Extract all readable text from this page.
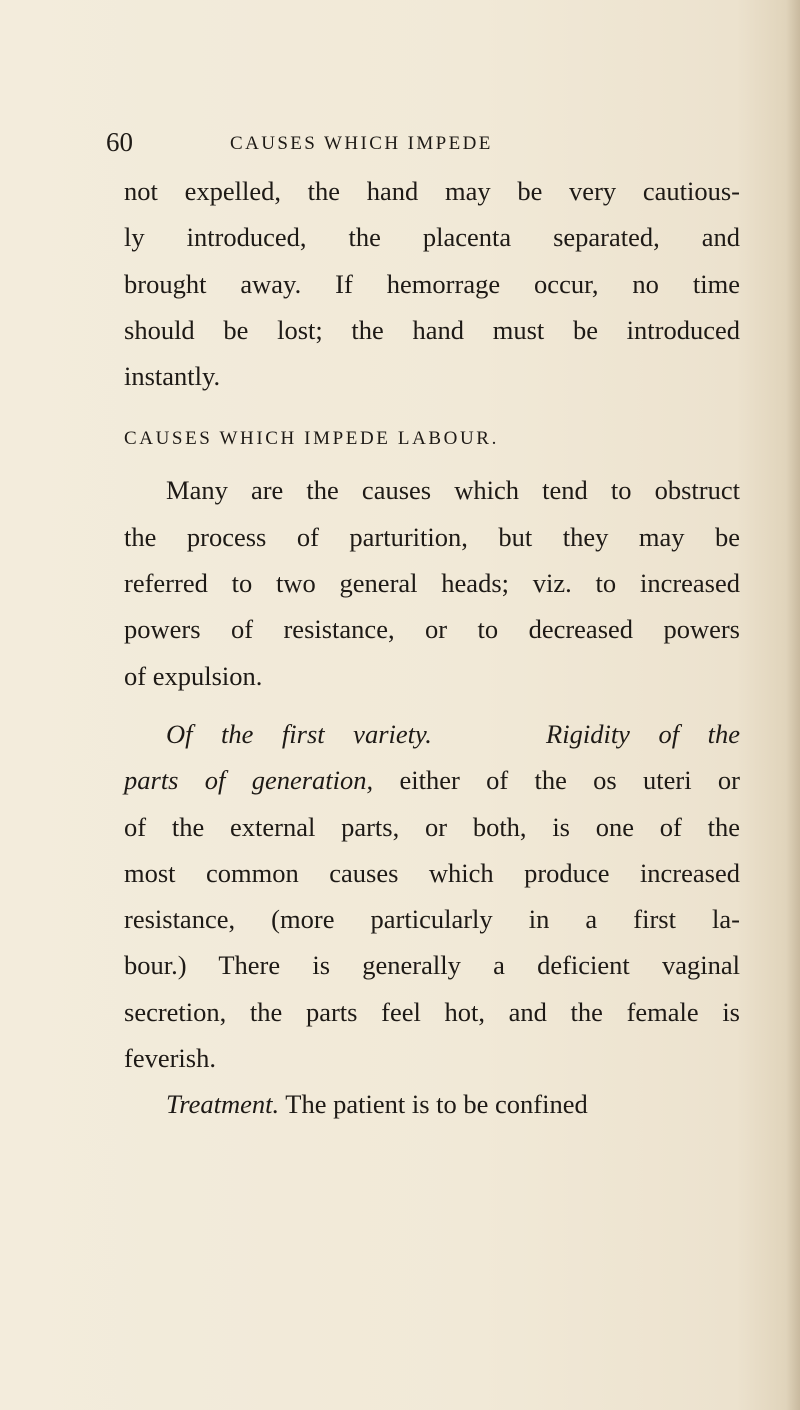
60	CAUSES WHICH IMPEDE
not expelled, the hand may be very cautious-
ly introduced, the placenta separated, and
brought away. If hemorrage occur, no time
should be lost; the hand must be introduced
instantly.
CAUSES WHICH IMPEDE LABOUR.
Many are the causes which tend to obstruct
the process of parturition, but they may be
referred to two general heads; viz. to increased
powers of resistance, or to decreased powers
of expulsion.
Of the first variety.	Rigidity of the
parts of generation, either of the os uteri or
of the external parts, or both, is one of the
most common causes which produce increased
resistance, (more particularly in a first la-
bour.) There is generally a deficient vaginal
secretion, the parts feel hot, and the female is
feverish.
Treatment. The patient is to be confined
